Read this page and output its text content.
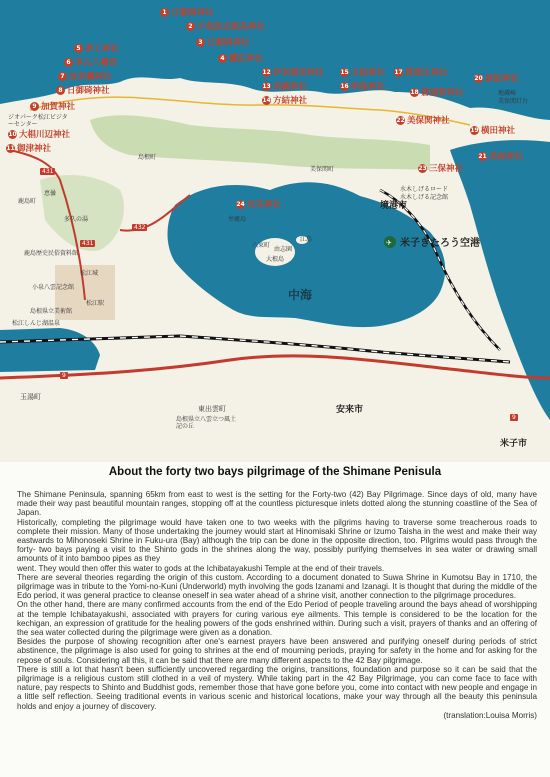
✈
1 日御碕神社
2 宇竜加志能為神社
3 日御碕神社
4 鷺佐神社
5 津上神社
6 多古八幡宮
7 奴奈彌神社
8 日御碕神社
9 加賀神社
10 大椙川辺神社
11 御津神社
12 伊奈頭美神社
13 須義神社
14 方結神社
15 玉結神社
16 明島神社
17 賀賀比神社
18 蒼浦智神社
20 諸訪神社
21 美保神社
19 横田神社
23 三保神社
22 美保関神社
24 長見神社
ジオパーク松江ビジターセンター
島根町
鹿島町
恵曇
多久の湯
鹿島歴史民俗資料館
松江城
松江駅
小泉八雲記念館
島根県立美術館
松江しんじ湖温泉
玉湯町
東出雲町	安来市
米子市
境港市
美保関町
水木しげるロード
水木しげる記念館
美保関灯台
地蔵崎
江島
大根島
八束町
由志園
弁慶島
島根県立八雲立つ風土記の丘
431
9
431
9
432
中海
米子きたろう空港
About the forty two bays pilgrimage of the Shimane Penisula

The Shimane Peninsula, spanning 65km from east to west is the setting for the Forty-two (42) Bay Pilgrimage. Since days of old, many have made their way past beautiful mountain ranges, stopping off at the countless picturesque inlets dotted along the stunning coastline of the Sea of Japan.

Historically, completing the pilgrimage would have taken one to two weeks with the pilgrims having to traverse some treacherous roads to complete their mission. Many of those undertaking the journey would start at Hinomisaki Shrine or Izumo Taisha in the west and make their way eastwards to Mihonoseki Shrine in Fuku-ura (Bay) although the trip can be done in the opposite direction, too. Pilgrims would pass through the forty- two bays paying a visit to the Shinto gods in the shrines along the way, possibly purifying themselves in sea water or drawing small amounts of it into bamboo pipes as they

went. They would then offer this water to gods at the Ichibatayakushi Temple at the end of their travels.

There are several theories regarding the origin of this custom. According to a document donated to Suwa Shrine in Kumotsu Bay in 1710, the pilgrimage was in tribute to the Yomi-no-Kuni (Underworld) myth involving the gods Izanami and Izanagi. It is thought that during the middle of the Edo period, it was general practice to cleanse oneself in sea water ahead of a shrine visit, another connection to the pilgrimage procedures.

On the other hand, there are many confirmed accounts from the end of the Edo Period of people traveling around the bays ahead of worshipping at the temple Ichibatayakushi, associated with prayers for curing various eye ailments. This temple is considered to be the location for the kechigan, an expression of gratitude for the healing powers of the gods enshrined within. During such a visit, prayers of thanks and an offering of the sea water collected during the pilgrimage were given as a donation.

Besides the purpose of showing recognition after one's earnest prayers have been answered and purifying oneself during periods of strict abstinence, the pilgrimage is also used for going to shrines at the end of mourning periods, praying for safety in the home and for asking for the repose of souls. Considering all this, it can be said that there are many different aspects to the 42 Bay pilgrimage.

There is still a lot that hasn't been sufficiently uncovered regarding the origins, transitions, foundation and purpose so it can be said that the pilgrimage is a religious custom still clothed in a veil of mystery. While taking part in the 42 Bay Pilgrimage, you can come face to face with nature, pay respects to Shinto and Buddhist gods, remember those that have gone before you, come into contact with new people and engage in a little self reflection. Seeing traditional events in various scenic and historical locations, make your way through all the beauty this peninsula holds and enjoy a journey of discovery.

(translation:Louisa Morris)
